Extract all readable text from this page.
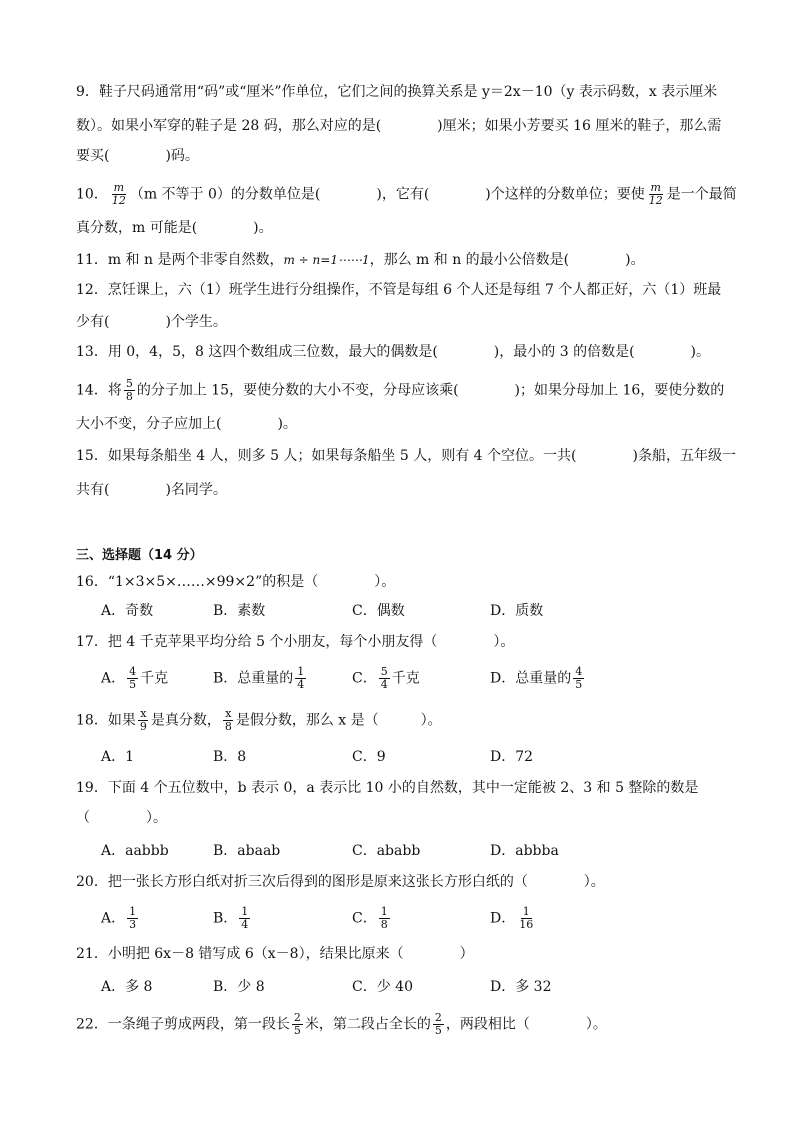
9．鞋子尺码通常用“码”或“厘米”作单位，它们之间的换算关系是 y＝2x－10（y 表示码数，x 表示厘米
数）。如果小军穿的鞋子是 28 码，那么对应的是(　　　　)厘米；如果小芳要买 16 厘米的鞋子，那么需
要买(　　　　)码。
10． $\frac{m}{12} (m$ 不等于 0）的分数单位是(　　　　)，它有(　　　　)个这样的分数单位；要使 $\frac{m}{12}$ 是一个最简
真分数，m 可能是(　　　　)。
11．m 和 n 是两个非零自然数，m ÷ n=1⋯⋯1，那么 m 和 n 的最小公倍数是(　　　　)。
12．烹饪课上，六（1）班学生进行分组操作，不管是每组 6 个人还是每组 7 个人都正好，六（1）班最
少有(　　　　)个学生。
13．用 0，4，5，8 这四个数组成三位数，最大的偶数是(　　　　)，最小的 3 的倍数是(　　　　)。
14．将 $\frac{5}{8}$ 的分子加上 15，要使分数的大小不变，分母应该乘(　　　　)；如果分母加上 16，要使分数的
大小不变，分子应加上(　　　　)。
15．如果每条船坐 4 人，则多 5 人；如果每条船坐 5 人，则有 4 个空位。一共(　　　　)条船，五年级一
共有(　　　　)名同学。
三、选择题（14 分）
16．“1×3×5×……×99×2”的积是（　　　　）。
A．奇数	B．素数	C．偶数	D．质数
17．把 4 千克苹果平均分给 5 个小朋友，每个小朋友得（　　　　）。
A． $\frac{4}{5}$ 千克	B．总重量的 $\frac{1}{4}$	C． $\frac{5}{4}$ 千克	D．总重量的 $\frac{4}{5}$
18．如果 $\frac{x}{9}$ 是真分数， $\frac{x}{8}$ 是假分数，那么 x 是（　　　）。
A．1	B．8	C．9	D．72
19．下面 4 个五位数中，b 表示 0，a 表示比 10 小的自然数，其中一定能被 2、3 和 5 整除的数是
（　　　　）。
A．aabbb	B．abaab	C．ababb	D．abbba
20．把一张长方形白纸对折三次后得到的图形是原来这张长方形白纸的（　　　　）。
A． $\frac{1}{3}$	B． $\frac{1}{4}$	C． $\frac{1}{8}$	D． $\frac{1}{16}$
21．小明把 6x－8 错写成 6（x－8），结果比原来（　　　　）
A．多 8	B．少 8	C．少 40	D．多 32
22．一条绳子剪成两段，第一段长 $\frac{2}{5}$ 米，第二段占全长的 $\frac{2}{5}$ ，两段相比（　　　　）。
